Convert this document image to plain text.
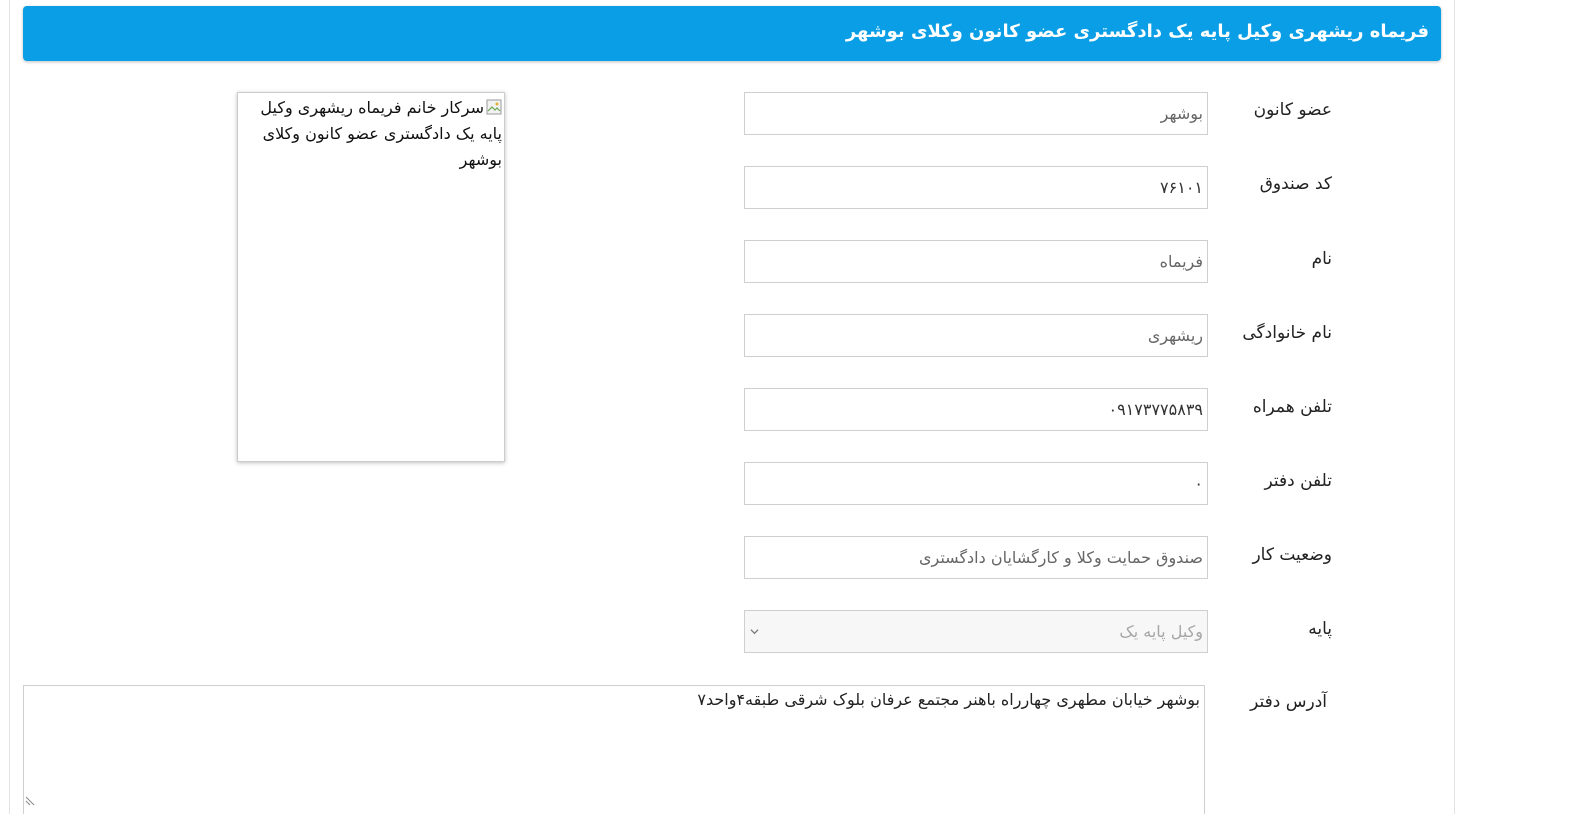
فریماه ریشهری وکیل پایه یک دادگستری عضو کانون وکلای بوشهر
سرکار خانم فریماه ریشهری وکیل پایه یک دادگستری عضو کانون وکلای بوشهر
عضو کانون
بوشهر
کد صندوق
۷۶۱۰۱
نام
فریماه
نام خانوادگی
ریشهری
تلفن همراه
۰۹۱۷۳۷۷۵۸۳۹
تلفن دفتر
۰
وضعیت کار
صندوق حمایت وکلا و کارگشایان دادگستری
پایه
وکیل پایه یک
آدرس دفتر
بوشهر خیابان مطهری چهارراه باهنر مجتمع عرفان بلوک شرقی طبقه۴واحد۷
